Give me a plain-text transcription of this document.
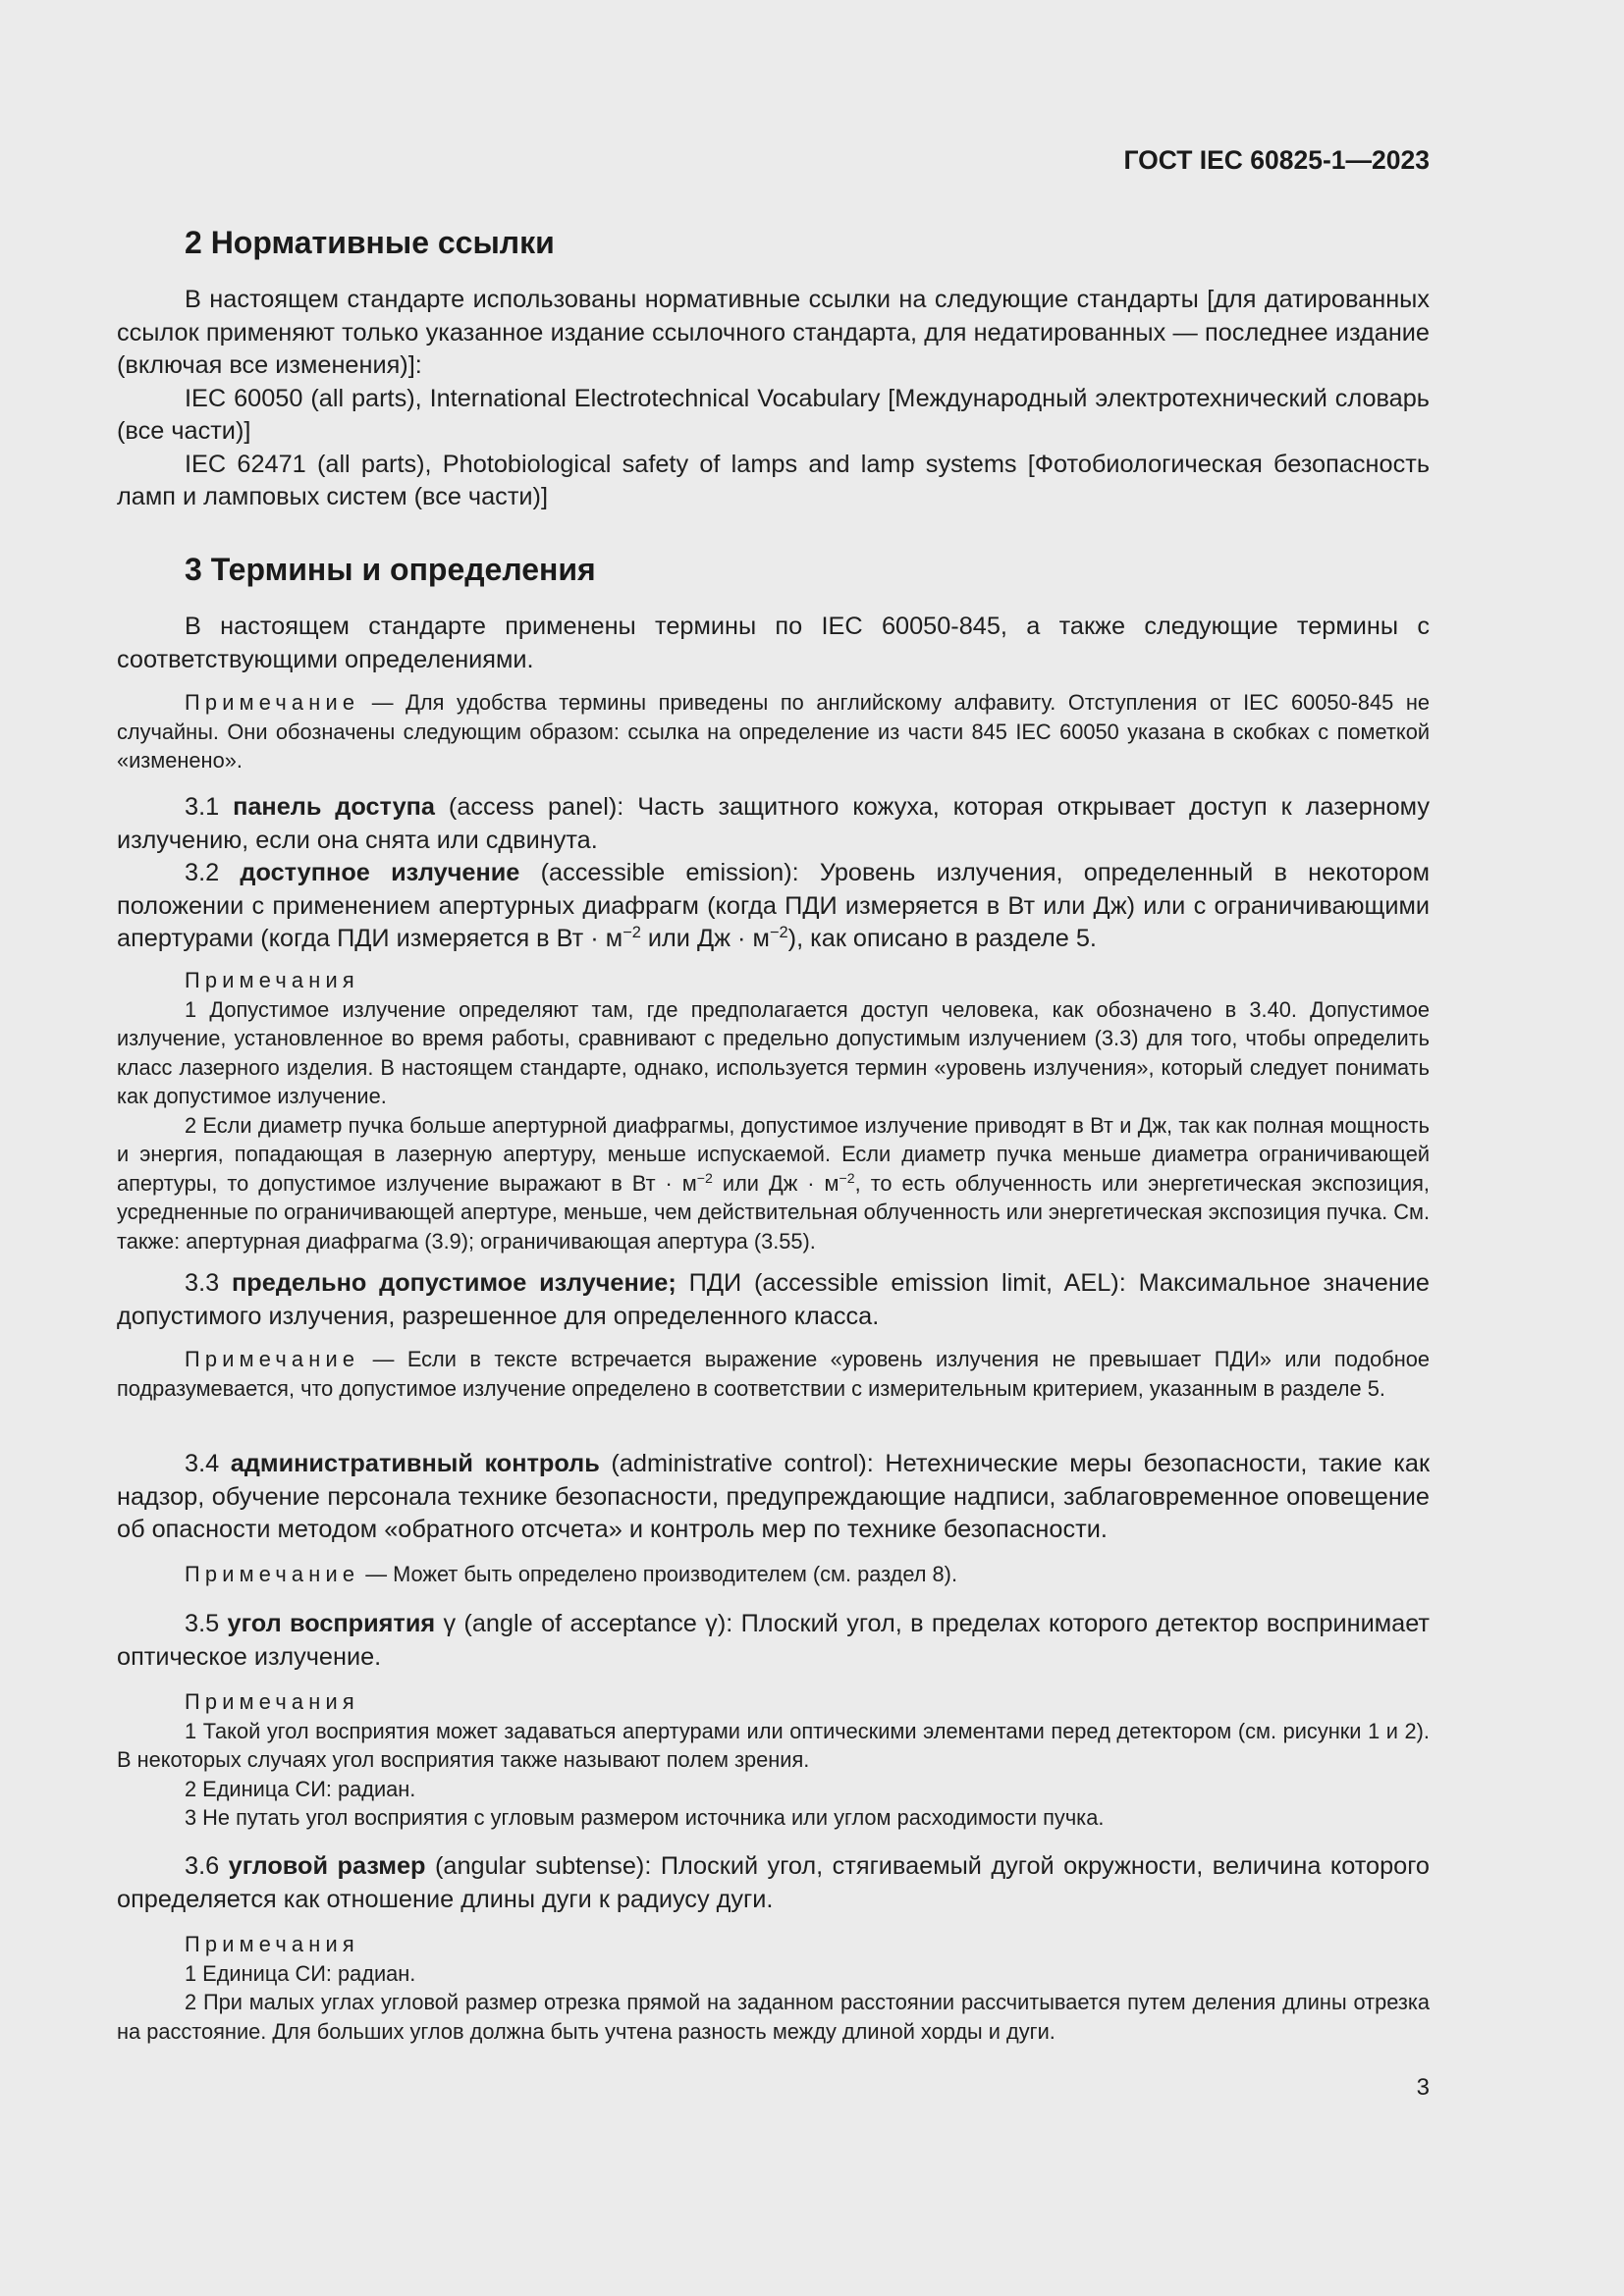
ГОСТ IEC 60825-1—2023
2 Нормативные ссылки

В настоящем стандарте использованы нормативные ссылки на следующие стандарты [для датированных ссылок применяют только указанное издание ссылочного стандарта, для недатированных — последнее издание (включая все изменения)]:

IEC 60050 (all parts), International Electrotechnical Vocabulary [Международный электротехнический словарь (все части)]

IEC 62471 (all parts), Photobiological safety of lamps and lamp systems [Фотобиологическая безопасность ламп и ламповых систем (все части)]

3 Термины и определения

В настоящем стандарте применены термины по IEC 60050-845, а также следующие термины с соответствующими определениями.

Примечание — Для удобства термины приведены по английскому алфавиту. Отступления от IEC 60050-845 не случайны. Они обозначены следующим образом: ссылка на определение из части 845 IEC 60050 указана в скобках с пометкой «изменено».

3.1 панель доступа (access panel): Часть защитного кожуха, которая открывает доступ к лазерному излучению, если она снята или сдвинута.

3.2 доступное излучение (accessible emission): Уровень излучения, определенный в некотором положении с применением апертурных диафрагм (когда ПДИ измеряется в Вт или Дж) или с ограничивающими апертурами (когда ПДИ измеряется в Вт · $м^{-2}$ или Дж · $м^{-2}$), как описано в разделе 5.

Примечания

1 Допустимое излучение определяют там, где предполагается доступ человека, как обозначено в 3.40. Допустимое излучение, установленное во время работы, сравнивают с предельно допустимым излучением (3.3) для того, чтобы определить класс лазерного изделия. В настоящем стандарте, однако, используется термин «уровень излучения», который следует понимать как допустимое излучение.

2 Если диаметр пучка больше апертурной диафрагмы, допустимое излучение приводят в Вт и Дж, так как полная мощность и энергия, попадающая в лазерную апертуру, меньше испускаемой. Если диаметр пучка меньше диаметра ограничивающей апертуры, то допустимое излучение выражают в Вт · $м^{-2}$ или Дж · $м^{-2}$, то есть облученность или энергетическая экспозиция, усредненные по ограничивающей апертуре, меньше, чем действительная облученность или энергетическая экспозиция пучка. См. также: апертурная диафрагма (3.9); ограничивающая апертура (3.55).

3.3 предельно допустимое излучение; ПДИ (accessible emission limit, AEL): Максимальное значение допустимого излучения, разрешенное для определенного класса.

Примечание — Если в тексте встречается выражение «уровень излучения не превышает ПДИ» или подобное подразумевается, что допустимое излучение определено в соответствии с измерительным критерием, указанным в разделе 5.

3.4 административный контроль (administrative control): Нетехнические меры безопасности, такие как надзор, обучение персонала технике безопасности, предупреждающие надписи, заблаговременное оповещение об опасности методом «обратного отсчета» и контроль мер по технике безопасности.

Примечание — Может быть определено производителем (см. раздел 8).

3.5 угол восприятия γ (angle of acceptance γ): Плоский угол, в пределах которого детектор воспринимает оптическое излучение.

Примечания

1 Такой угол восприятия может задаваться апертурами или оптическими элементами перед детектором (см. рисунки 1 и 2). В некоторых случаях угол восприятия также называют полем зрения.

2 Единица СИ: радиан.

3 Не путать угол восприятия с угловым размером источника или углом расходимости пучка.

3.6 угловой размер (angular subtense): Плоский угол, стягиваемый дугой окружности, величина которого определяется как отношение длины дуги к радиусу дуги.

Примечания

1 Единица СИ: радиан.

2 При малых углах угловой размер отрезка прямой на заданном расстоянии рассчитывается путем деления длины отрезка на расстояние. Для больших углов должна быть учтена разность между длиной хорды и дуги.

3
